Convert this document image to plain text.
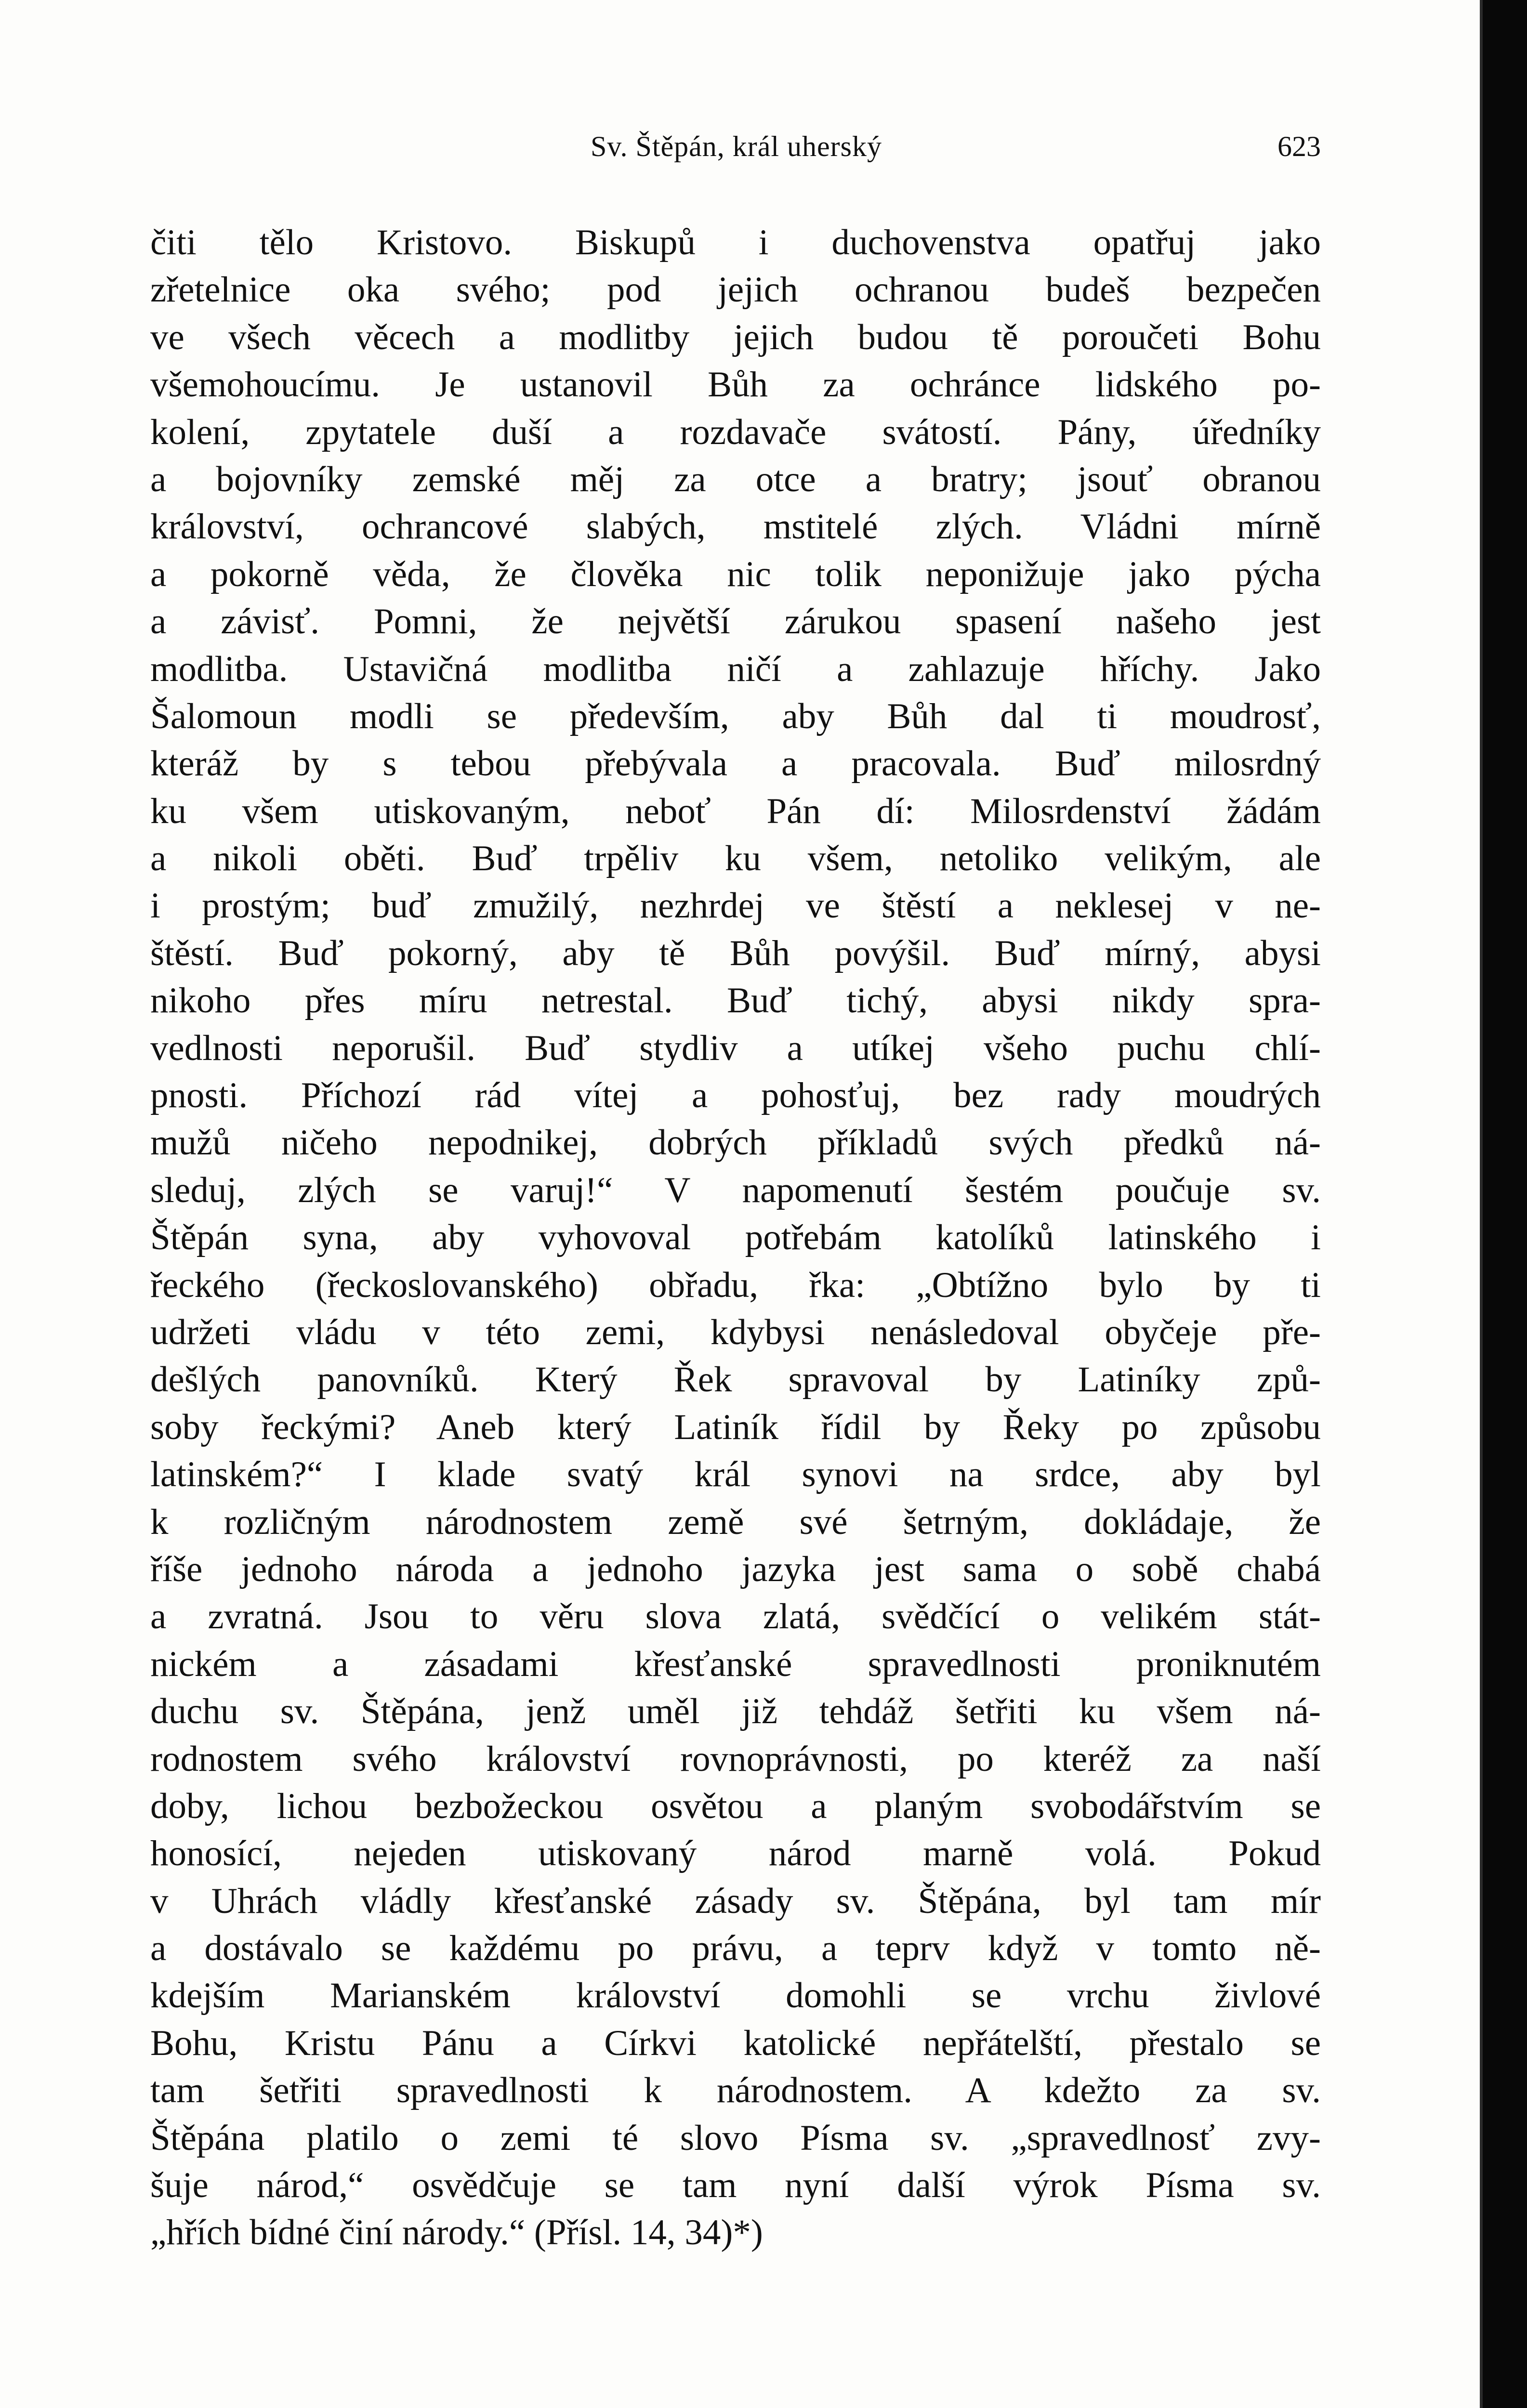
Sv. Štěpán, král uherský	623
čiti tělo Kristovo. Biskupů i duchovenstva opatřuj jako
zřetelnice oka svého; pod jejich ochranou budeš bezpečen
ve všech věcech a modlitby jejich budou tě poroučeti Bohu
všemohoucímu. Je ustanovil Bůh za ochránce lidského po-
kolení, zpytatele duší a rozdavače svátostí. Pány, úředníky
a bojovníky zemské měj za otce a bratry; jsouť obranou
království, ochrancové slabých, mstitelé zlých. Vládni mírně
a pokorně věda, že člověka nic tolik neponižuje jako pýcha
a závisť. Pomni, že největší zárukou spasení našeho jest
modlitba. Ustavičná modlitba ničí a zahlazuje hříchy. Jako
Šalomoun modli se především, aby Bůh dal ti moudrosť,
kteráž by s tebou přebývala a pracovala. Buď milosrdný
ku všem utiskovaným, neboť Pán dí: Milosrdenství žádám
a nikoli oběti. Buď trpěliv ku všem, netoliko velikým, ale
i prostým; buď zmužilý, nezhrdej ve štěstí a neklesej v ne-
štěstí. Buď pokorný, aby tě Bůh povýšil. Buď mírný, abysi
nikoho přes míru netrestal. Buď tichý, abysi nikdy spra-
vedlnosti neporušil. Buď stydliv a utíkej všeho puchu chlí-
pnosti. Příchozí rád vítej a pohosťuj, bez rady moudrých
mužů ničeho nepodnikej, dobrých příkladů svých předků ná-
sleduj, zlých se varuj!“ V napomenutí šestém poučuje sv.
Štěpán syna, aby vyhovoval potřebám katolíků latinského i
řeckého (řeckoslovanského) obřadu, řka: „Obtížno bylo by ti
udržeti vládu v této zemi, kdybysi nenásledoval obyčeje pře-
dešlých panovníků. Který Řek spravoval by Latiníky způ-
soby řeckými? Aneb který Latiník řídil by Řeky po způsobu
latinském?“ I klade svatý král synovi na srdce, aby byl
k rozličným národnostem země své šetrným, dokládaje, že
říše jednoho národa a jednoho jazyka jest sama o sobě chabá
a zvratná. Jsou to věru slova zlatá, svědčící o velikém stát-
nickém a zásadami křesťanské spravedlnosti proniknutém
duchu sv. Štěpána, jenž uměl již tehdáž šetřiti ku všem ná-
rodnostem svého království rovnoprávnosti, po kteréž za naší
doby, lichou bezbožeckou osvětou a planým svobodářstvím se
honosící, nejeden utiskovaný národ marně volá. Pokud
v Uhrách vládly křesťanské zásady sv. Štěpána, byl tam mír
a dostávalo se každému po právu, a teprv když v tomto ně-
kdejším Marianském království domohli se vrchu živlové
Bohu, Kristu Pánu a Církvi katolické nepřátelští, přestalo se
tam šetřiti spravedlnosti k národnostem. A kdežto za sv.
Štěpána platilo o zemi té slovo Písma sv. „spravedlnosť zvy-
šuje národ,“ osvědčuje se tam nyní další výrok Písma sv.
„hřích bídné činí národy.“ (Přísl. 14, 34)*)
